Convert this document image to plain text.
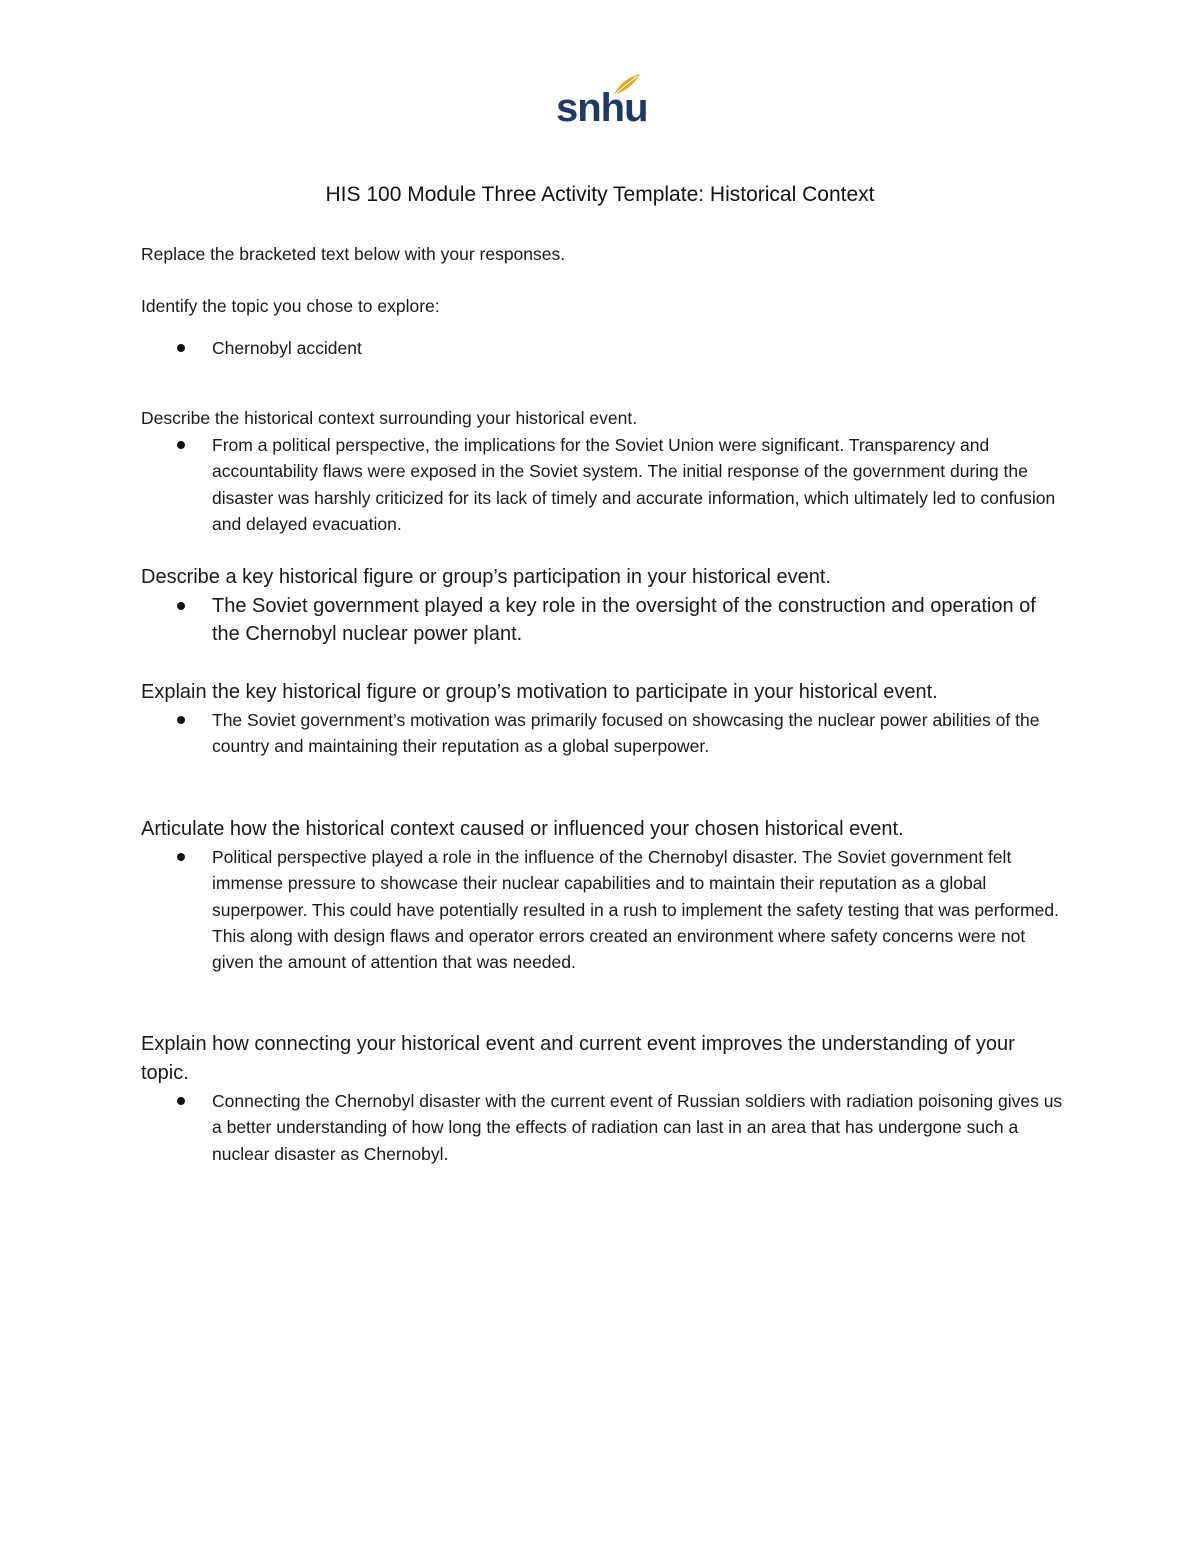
snhu
HIS 100 Module Three Activity Template: Historical Context

Replace the bracketed text below with your responses.

Identify the topic you chose to explore:

Chernobyl accident

Describe the historical context surrounding your historical event.

From a political perspective, the implications for the Soviet Union were significant. Transparency and accountability flaws were exposed in the Soviet system. The initial response of the government during the disaster was harshly criticized for its lack of timely and accurate information, which ultimately led to confusion and delayed evacuation.

Describe a key historical figure or group’s participation in your historical event.

The Soviet government played a key role in the oversight of the construction and operation of the Chernobyl nuclear power plant.

Explain the key historical figure or group’s motivation to participate in your historical event.

The Soviet government’s motivation was primarily focused on showcasing the nuclear power abilities of the country and maintaining their reputation as a global superpower.

Articulate how the historical context caused or influenced your chosen historical event.

Political perspective played a role in the influence of the Chernobyl disaster. The Soviet government felt immense pressure to showcase their nuclear capabilities and to maintain their reputation as a global superpower. This could have potentially resulted in a rush to implement the safety testing that was performed. This along with design flaws and operator errors created an environment where safety concerns were not given the amount of attention that was needed.

Explain how connecting your historical event and current event improves the understanding of your topic.

Connecting the Chernobyl disaster with the current event of Russian soldiers with radiation poisoning gives us a better understanding of how long the effects of radiation can last in an area that has undergone such a nuclear disaster as Chernobyl.
